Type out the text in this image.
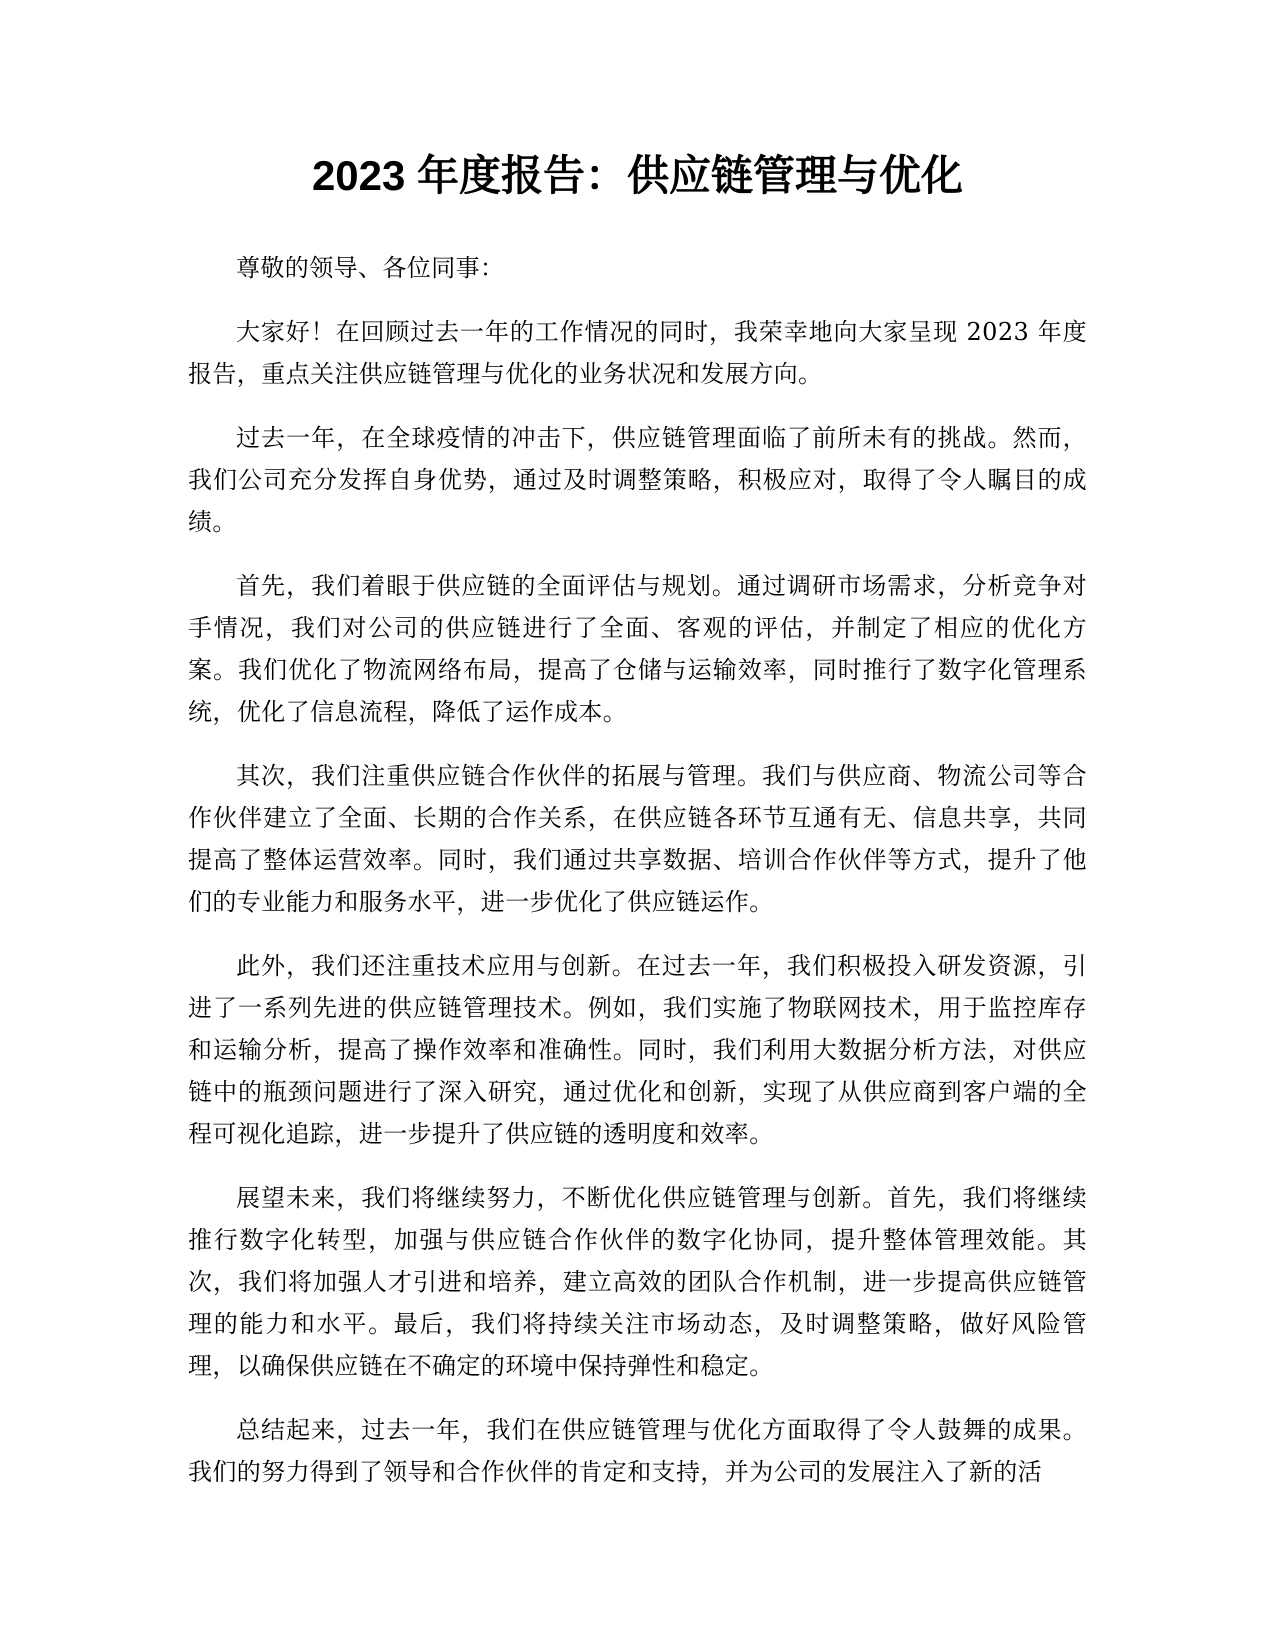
2023 年度报告：供应链管理与优化

尊敬的领导、各位同事：

大家好！在回顾过去一年的工作情况的同时，我荣幸地向大家呈现 2023 年度报告，重点关注供应链管理与优化的业务状况和发展方向。

过去一年，在全球疫情的冲击下，供应链管理面临了前所未有的挑战。然而，我们公司充分发挥自身优势，通过及时调整策略，积极应对，取得了令人瞩目的成绩。

首先，我们着眼于供应链的全面评估与规划。通过调研市场需求，分析竞争对手情况，我们对公司的供应链进行了全面、客观的评估，并制定了相应的优化方案。我们优化了物流网络布局，提高了仓储与运输效率，同时推行了数字化管理系统，优化了信息流程，降低了运作成本。

其次，我们注重供应链合作伙伴的拓展与管理。我们与供应商、物流公司等合作伙伴建立了全面、长期的合作关系，在供应链各环节互通有无、信息共享，共同提高了整体运营效率。同时，我们通过共享数据、培训合作伙伴等方式，提升了他们的专业能力和服务水平，进一步优化了供应链运作。

此外，我们还注重技术应用与创新。在过去一年，我们积极投入研发资源，引进了一系列先进的供应链管理技术。例如，我们实施了物联网技术，用于监控库存和运输分析，提高了操作效率和准确性。同时，我们利用大数据分析方法，对供应链中的瓶颈问题进行了深入研究，通过优化和创新，实现了从供应商到客户端的全程可视化追踪，进一步提升了供应链的透明度和效率。

展望未来，我们将继续努力，不断优化供应链管理与创新。首先，我们将继续推行数字化转型，加强与供应链合作伙伴的数字化协同，提升整体管理效能。其次，我们将加强人才引进和培养，建立高效的团队合作机制，进一步提高供应链管理的能力和水平。最后，我们将持续关注市场动态，及时调整策略，做好风险管理，以确保供应链在不确定的环境中保持弹性和稳定。

总结起来，过去一年，我们在供应链管理与优化方面取得了令人鼓舞的成果。我们的努力得到了领导和合作伙伴的肯定和支持，并为公司的发展注入了新的活
